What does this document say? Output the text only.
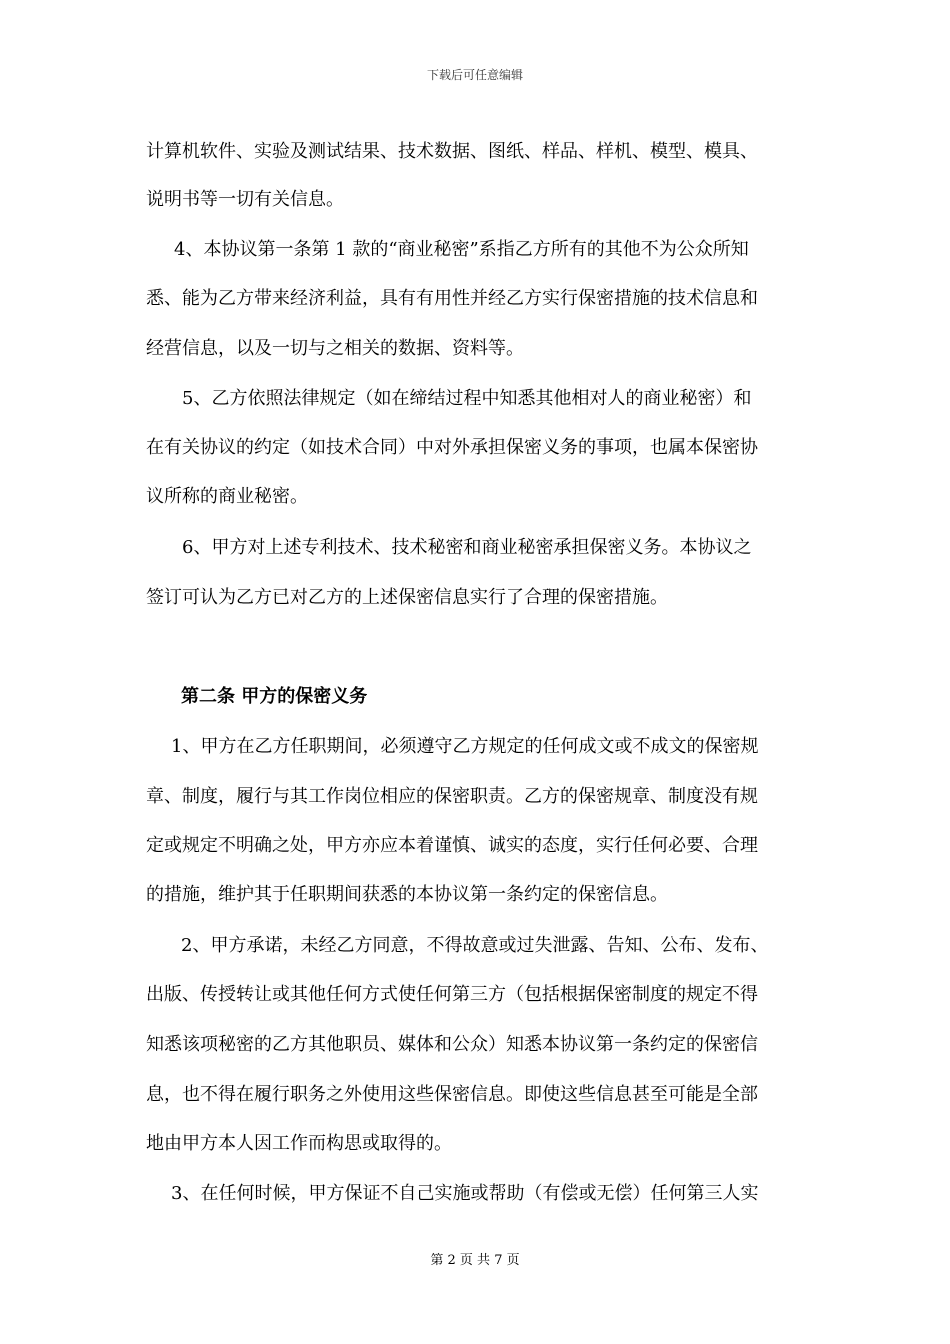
下载后可任意编辑
计算机软件、实验及测试结果、技术数据、图纸、样品、样机、模型、模具、
说明书等一切有关信息。
4、本协议第一条第 1 款的“商业秘密”系指乙方所有的其他不为公众所知
悉、能为乙方带来经济利益，具有有用性并经乙方实行保密措施的技术信息和
经营信息，以及一切与之相关的数据、资料等。
5、乙方依照法律规定（如在缔结过程中知悉其他相对人的商业秘密）和
在有关协议的约定（如技术合同）中对外承担保密义务的事项，也属本保密协
议所称的商业秘密。
6、甲方对上述专利技术、技术秘密和商业秘密承担保密义务。本协议之
签订可认为乙方已对乙方的上述保密信息实行了合理的保密措施。
第二条 甲方的保密义务
1、甲方在乙方任职期间，必须遵守乙方规定的任何成文或不成文的保密规
章、制度，履行与其工作岗位相应的保密职责。乙方的保密规章、制度没有规
定或规定不明确之处，甲方亦应本着谨慎、诚实的态度，实行任何必要、合理
的措施，维护其于任职期间获悉的本协议第一条约定的保密信息。
2、甲方承诺，未经乙方同意，不得故意或过失泄露、告知、公布、发布、
出版、传授转让或其他任何方式使任何第三方（包括根据保密制度的规定不得
知悉该项秘密的乙方其他职员、媒体和公众）知悉本协议第一条约定的保密信
息，也不得在履行职务之外使用这些保密信息。即使这些信息甚至可能是全部
地由甲方本人因工作而构思或取得的。
3、在任何时候，甲方保证不自己实施或帮助（有偿或无偿）任何第三人实
第 2 页 共 7 页
